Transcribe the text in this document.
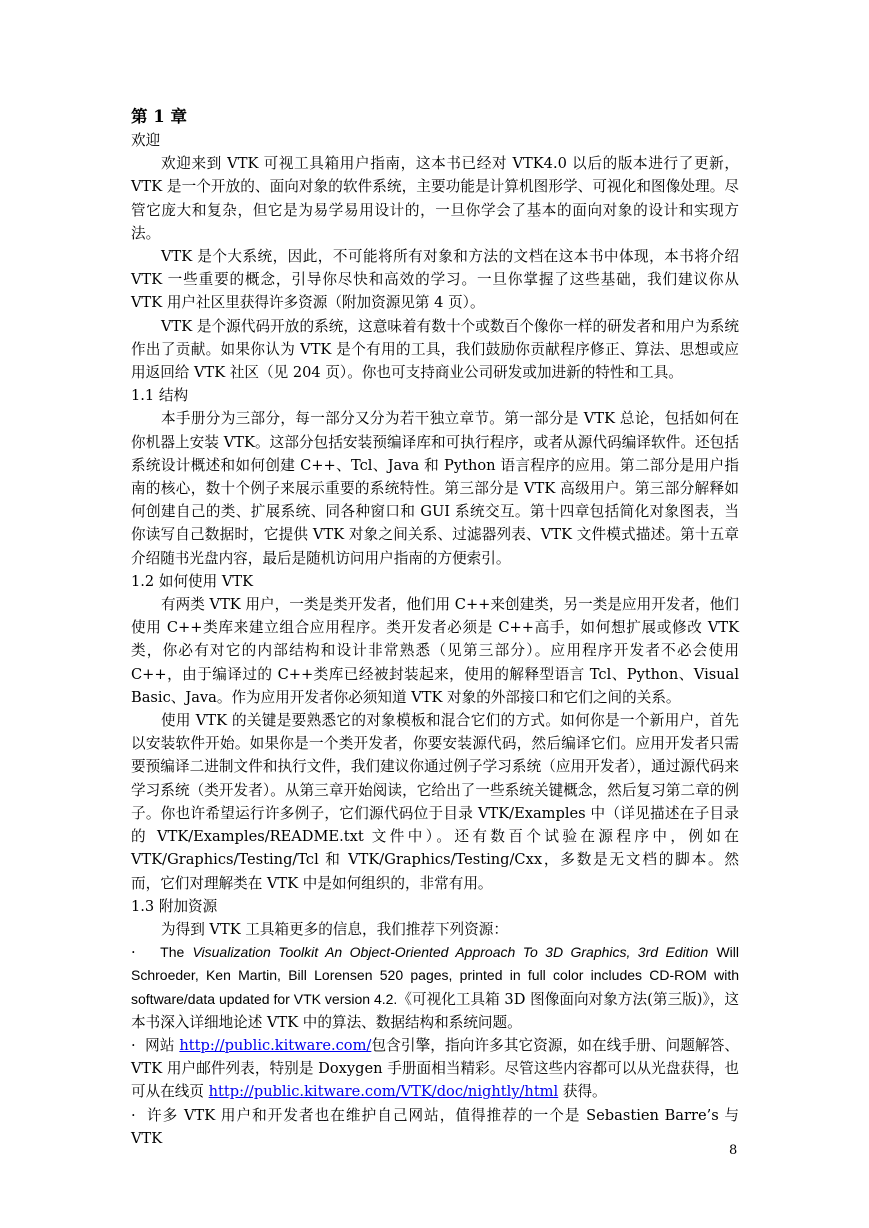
第 1 章
欢迎

欢迎来到 VTK 可视工具箱用户指南，这本书已经对 VTK4.0 以后的版本进行了更新，VTK 是一个开放的、面向对象的软件系统，主要功能是计算机图形学、可视化和图像处理。尽管它庞大和复杂，但它是为易学易用设计的，一旦你学会了基本的面向对象的设计和实现方法。

VTK 是个大系统，因此，不可能将所有对象和方法的文档在这本书中体现，本书将介绍 VTK 一些重要的概念，引导你尽快和高效的学习。一旦你掌握了这些基础，我们建议你从 VTK 用户社区里获得许多资源（附加资源见第 4 页）。

VTK 是个源代码开放的系统，这意味着有数十个或数百个像你一样的研发者和用户为系统作出了贡献。如果你认为 VTK 是个有用的工具，我们鼓励你贡献程序修正、算法、思想或应用返回给 VTK 社区（见 204 页）。你也可支持商业公司研发或加进新的特性和工具。

1.1 结构

本手册分为三部分，每一部分又分为若干独立章节。第一部分是 VTK 总论，包括如何在你机器上安装 VTK。这部分包括安装预编译库和可执行程序，或者从源代码编译软件。还包括系统设计概述和如何创建 C++、Tcl、Java 和 Python 语言程序的应用。第二部分是用户指南的核心，数十个例子来展示重要的系统特性。第三部分是 VTK 高级用户。第三部分解释如何创建自己的类、扩展系统、同各种窗口和 GUI 系统交互。第十四章包括简化对象图表，当你读写自己数据时，它提供 VTK 对象之间关系、过滤器列表、VTK 文件模式描述。第十五章介绍随书光盘内容，最后是随机访问用户指南的方便索引。

1.2 如何使用 VTK

有两类 VTK 用户，一类是类开发者，他们用 C++来创建类，另一类是应用开发者，他们使用 C++类库来建立组合应用程序。类开发者必须是 C++高手，如何想扩展或修改 VTK 类，你必有对它的内部结构和设计非常熟悉（见第三部分）。应用程序开发者不必会使用 C++，由于编译过的 C++类库已经被封装起来，使用的解释型语言 Tcl、Python、Visual Basic、Java。作为应用开发者你必须知道 VTK 对象的外部接口和它们之间的关系。

使用 VTK 的关键是要熟悉它的对象模板和混合它们的方式。如何你是一个新用户，首先以安装软件开始。如果你是一个类开发者，你要安装源代码，然后编译它们。应用开发者只需要预编译二进制文件和执行文件，我们建议你通过例子学习系统（应用开发者），通过源代码来学习系统（类开发者）。从第三章开始阅读，它给出了一些系统关键概念，然后复习第二章的例子。你也许希望运行许多例子，它们源代码位于目录 VTK/Examples 中（详见描述在子目录的 VTK/Examples/README.txt 文件中）。还有数百个试验在源程序中，例如在 VTK/Graphics/Testing/Tcl 和 VTK/Graphics/Testing/Cxx，多数是无文档的脚本。然而，它们对理解类在 VTK 中是如何组织的，非常有用。

1.3 附加资源

为得到 VTK 工具箱更多的信息，我们推荐下列资源：

· The Visualization Toolkit An Object-Oriented Approach To 3D Graphics, 3rd Edition Will Schroeder, Ken Martin, Bill Lorensen 520 pages, printed in full color includes CD-ROM with software/data updated for VTK version 4.2.《可视化工具箱 3D 图像面向对象方法(第三版)》，这本书深入详细地论述 VTK 中的算法、数据结构和系统问题。

· 网站 http://public.kitware.com/包含引擎，指向许多其它资源，如在线手册、问题解答、VTK 用户邮件列表，特别是 Doxygen 手册面相当精彩。尽管这些内容都可以从光盘获得，也可从在线页 http://public.kitware.com/VTK/doc/nightly/html 获得。

· 许多 VTK 用户和开发者也在维护自己网站，值得推荐的一个是 Sebastien Barre’s 与 VTK

8
